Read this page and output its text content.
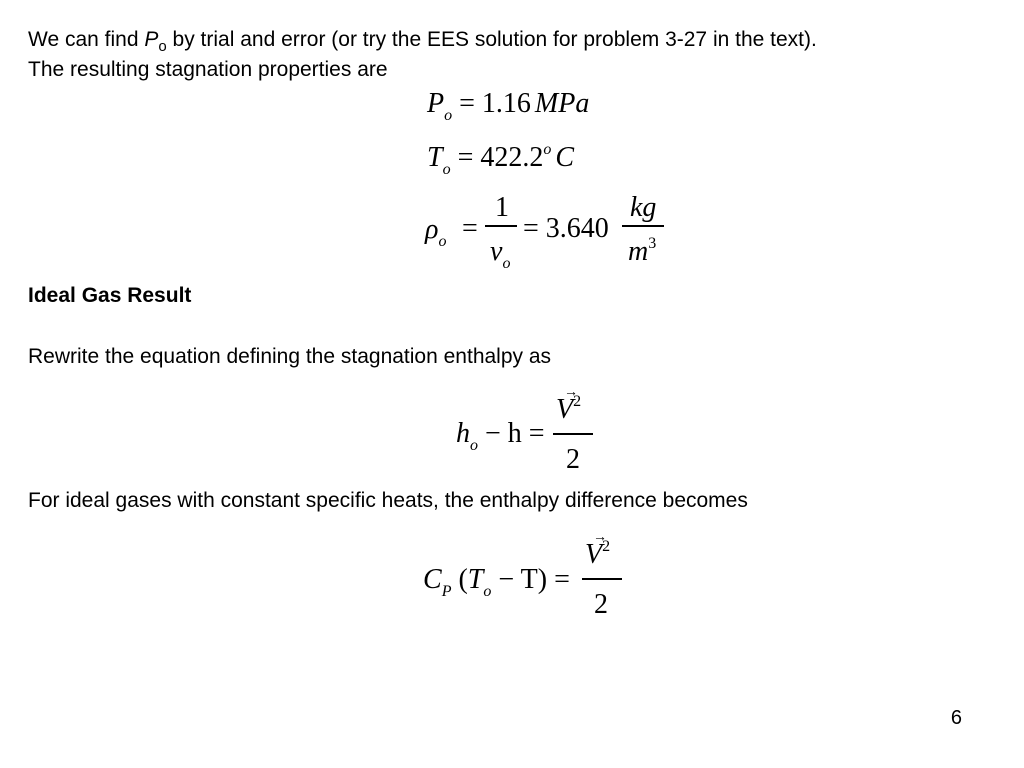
We can find $P_o$ by trial and error (or try the EES solution for problem 3-27 in the text).
The resulting stagnation properties are
$P_o = 1.16$ MPa
$T_o = 422.2^o$ C
$\rho_o$ =
1
$v_o$
= 3.640
kg
$m^3$
Ideal Gas Result
Rewrite the equation defining the stagnation enthalpy as
$h_o - h$ =
→
$V^2$
2
For ideal gases with constant specific heats, the enthalpy difference becomes
$C_P$ $(T_o - T)$ =
→
$V^2$
2
6
